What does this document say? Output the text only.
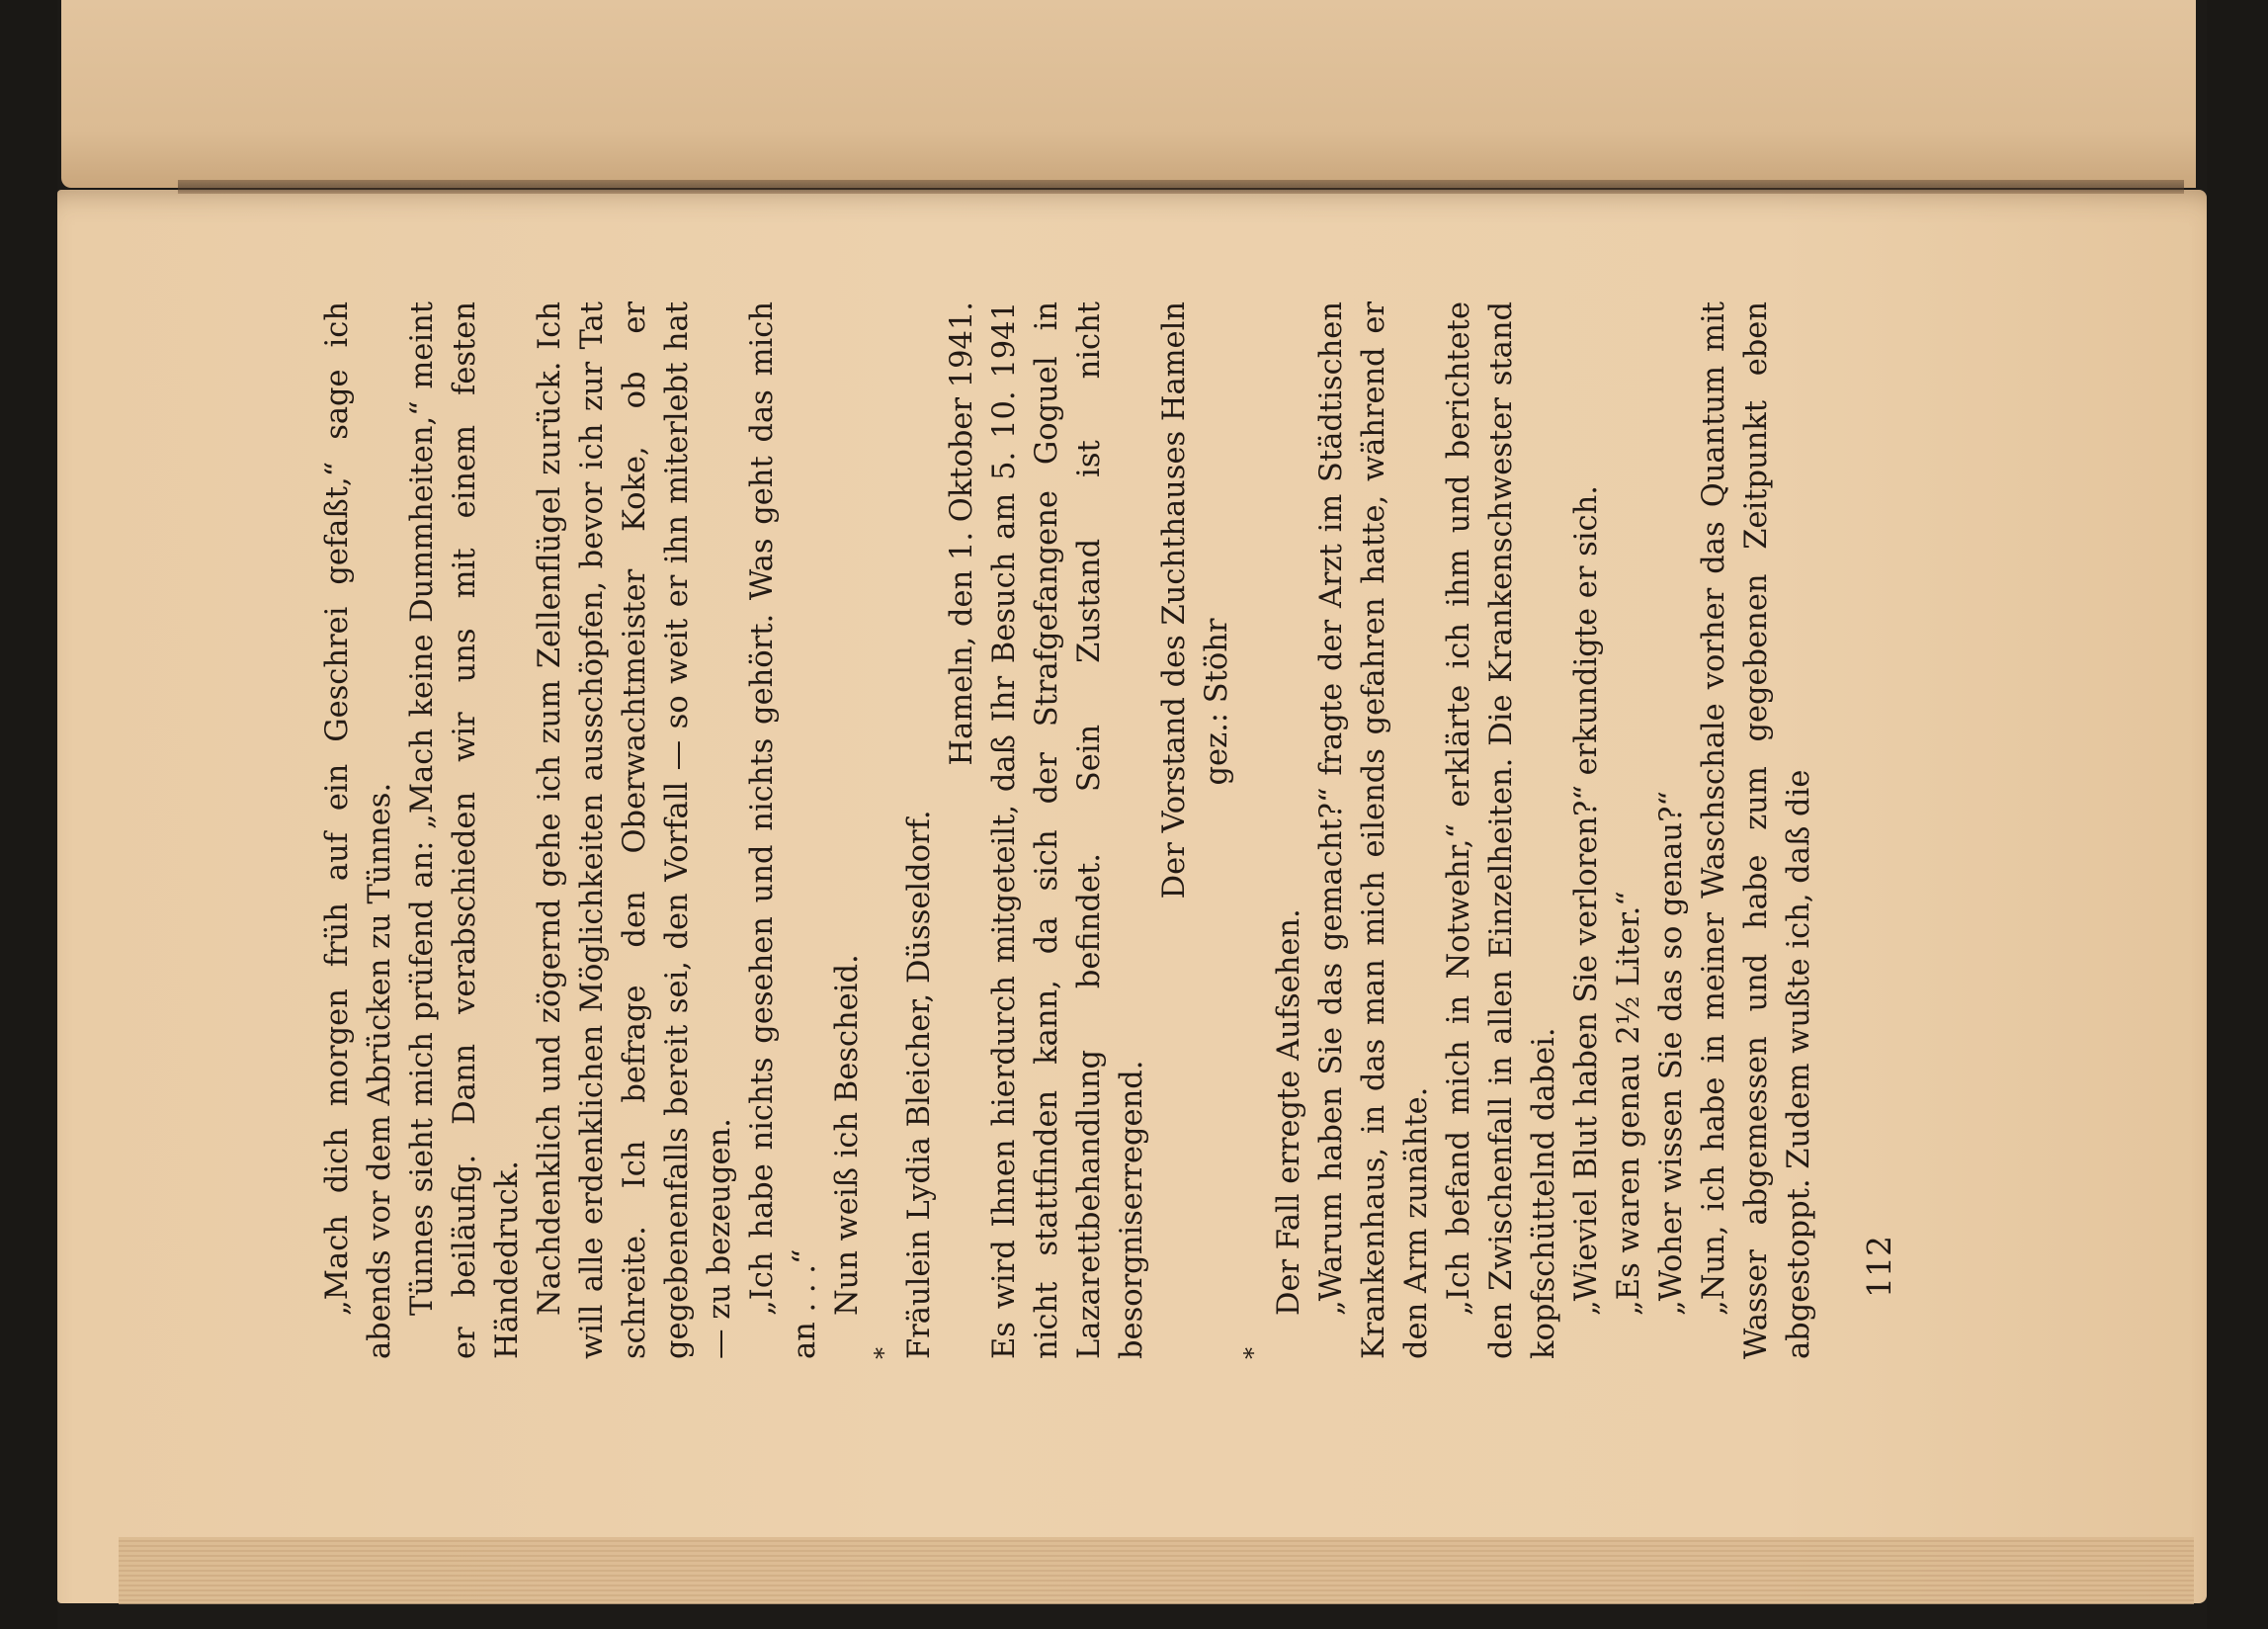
„Mach dich morgen früh auf ein Geschrei gefaßt,“ sage ich abends vor dem Abrücken zu Tünnes. Tünnes sieht mich prüfend an: „Mach keine Dummheiten,“ meint er beiläufig. Dann verabschieden wir uns mit einem festen Händedruck. Nachdenklich und zögernd gehe ich zum Zellenflügel zurück. Ich will alle erdenklichen Möglichkeiten ausschöpfen, bevor ich zur Tat schreite. Ich befrage den Oberwachtmeister Koke, ob er gegebenenfalls bereit sei, den Vorfall — so weit er ihn miterlebt hat — zu bezeugen. „Ich habe nichts gesehen und nichts gehört. Was geht das mich an . . .“ Nun weiß ich Bescheid.

* Fräulein Lydia Bleicher, Düsseldorf.

Hameln, den 1. Oktober 1941. Es wird Ihnen hierdurch mitgeteilt, daß Ihr Besuch am 5. 10. 1941 nicht stattfinden kann, da sich der Strafgefangene Goguel in Lazarettbehandlung befindet. Sein Zustand ist nicht besorgniserregend.

Der Vorstand des Zuchthauses Hameln gez.: Stöhr

*

Der Fall erregte Aufsehen. „Warum haben Sie das gemacht?“ fragte der Arzt im Städtischen Krankenhaus, in das man mich eilends gefahren hatte, während er den Arm zunähte. „Ich befand mich in Notwehr,“ erklärte ich ihm und berichtete den Zwischenfall in allen Einzelheiten. Die Krankenschwester stand kopfschüttelnd dabei. „Wieviel Blut haben Sie verloren?“ erkundigte er sich. „Es waren genau 2½ Liter.“ „Woher wissen Sie das so genau?“ „Nun, ich habe in meiner Waschschale vorher das Quantum mit Wasser abgemessen und habe zum gegebenen Zeitpunkt eben abgestoppt. Zudem wußte ich, daß die 112
